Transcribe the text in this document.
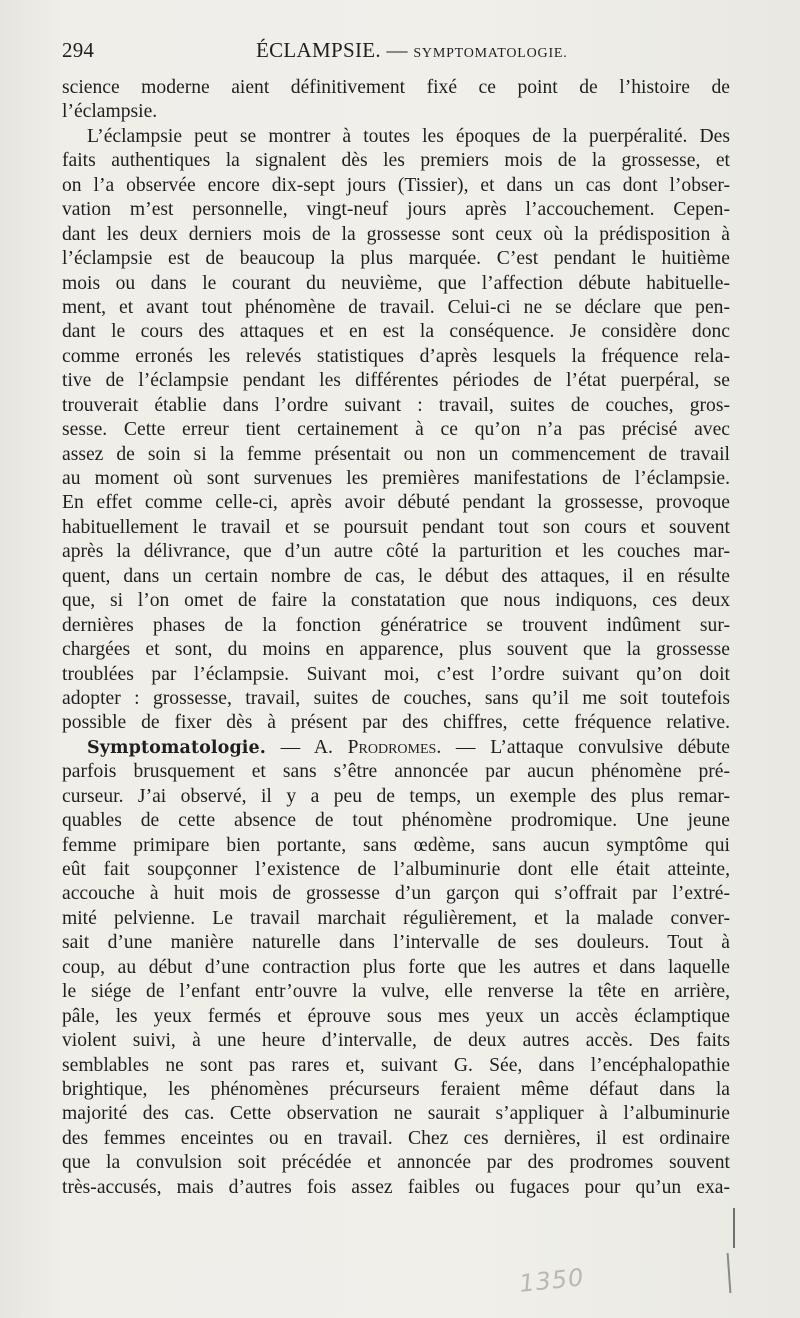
294	ÉCLAMPSIE. — SYMPTOMATOLOGIE.
science moderne aient définitivement fixé ce point de l’histoire de
l’éclampsie.
L’éclampsie peut se montrer à toutes les époques de la puerpéralité. Des
faits authentiques la signalent dès les premiers mois de la grossesse, et
on l’a observée encore dix-sept jours (Tissier), et dans un cas dont l’obser-
vation m’est personnelle, vingt-neuf jours après l’accouchement. Cepen-
dant les deux derniers mois de la grossesse sont ceux où la prédisposition à
l’éclampsie est de beaucoup la plus marquée. C’est pendant le huitième
mois ou dans le courant du neuvième, que l’affection débute habituelle-
ment, et avant tout phénomène de travail. Celui-ci ne se déclare que pen-
dant le cours des attaques et en est la conséquence. Je considère donc
comme erronés les relevés statistiques d’après lesquels la fréquence rela-
tive de l’éclampsie pendant les différentes périodes de l’état puerpéral, se
trouverait établie dans l’ordre suivant : travail, suites de couches, gros-
sesse. Cette erreur tient certainement à ce qu’on n’a pas précisé avec
assez de soin si la femme présentait ou non un commencement de travail
au moment où sont survenues les premières manifestations de l’éclampsie.
En effet comme celle-ci, après avoir débuté pendant la grossesse, provoque
habituellement le travail et se poursuit pendant tout son cours et souvent
après la délivrance, que d’un autre côté la parturition et les couches mar-
quent, dans un certain nombre de cas, le début des attaques, il en résulte
que, si l’on omet de faire la constatation que nous indiquons, ces deux
dernières phases de la fonction génératrice se trouvent indûment sur-
chargées et sont, du moins en apparence, plus souvent que la grossesse
troublées par l’éclampsie. Suivant moi, c’est l’ordre suivant qu’on doit
adopter : grossesse, travail, suites de couches, sans qu’il me soit toutefois
possible de fixer dès à présent par des chiffres, cette fréquence relative.
Symptomatologie. — A. Prodromes. — L’attaque convulsive débute
parfois brusquement et sans s’être annoncée par aucun phénomène pré-
curseur. J’ai observé, il y a peu de temps, un exemple des plus remar-
quables de cette absence de tout phénomène prodromique. Une jeune
femme primipare bien portante, sans œdème, sans aucun symptôme qui
eût fait soupçonner l’existence de l’albuminurie dont elle était atteinte,
accouche à huit mois de grossesse d’un garçon qui s’offrait par l’extré-
mité pelvienne. Le travail marchait régulièrement, et la malade conver-
sait d’une manière naturelle dans l’intervalle de ses douleurs. Tout à
coup, au début d’une contraction plus forte que les autres et dans laquelle
le siége de l’enfant entr’ouvre la vulve, elle renverse la tête en arrière,
pâle, les yeux fermés et éprouve sous mes yeux un accès éclamptique
violent suivi, à une heure d’intervalle, de deux autres accès. Des faits
semblables ne sont pas rares et, suivant G. Sée, dans l’encéphalopathie
brightique, les phénomènes précurseurs feraient même défaut dans la
majorité des cas. Cette observation ne saurait s’appliquer à l’albuminurie
des femmes enceintes ou en travail. Chez ces dernières, il est ordinaire
que la convulsion soit précédée et annoncée par des prodromes souvent
très-accusés, mais d’autres fois assez faibles ou fugaces pour qu’un exa-
1350
